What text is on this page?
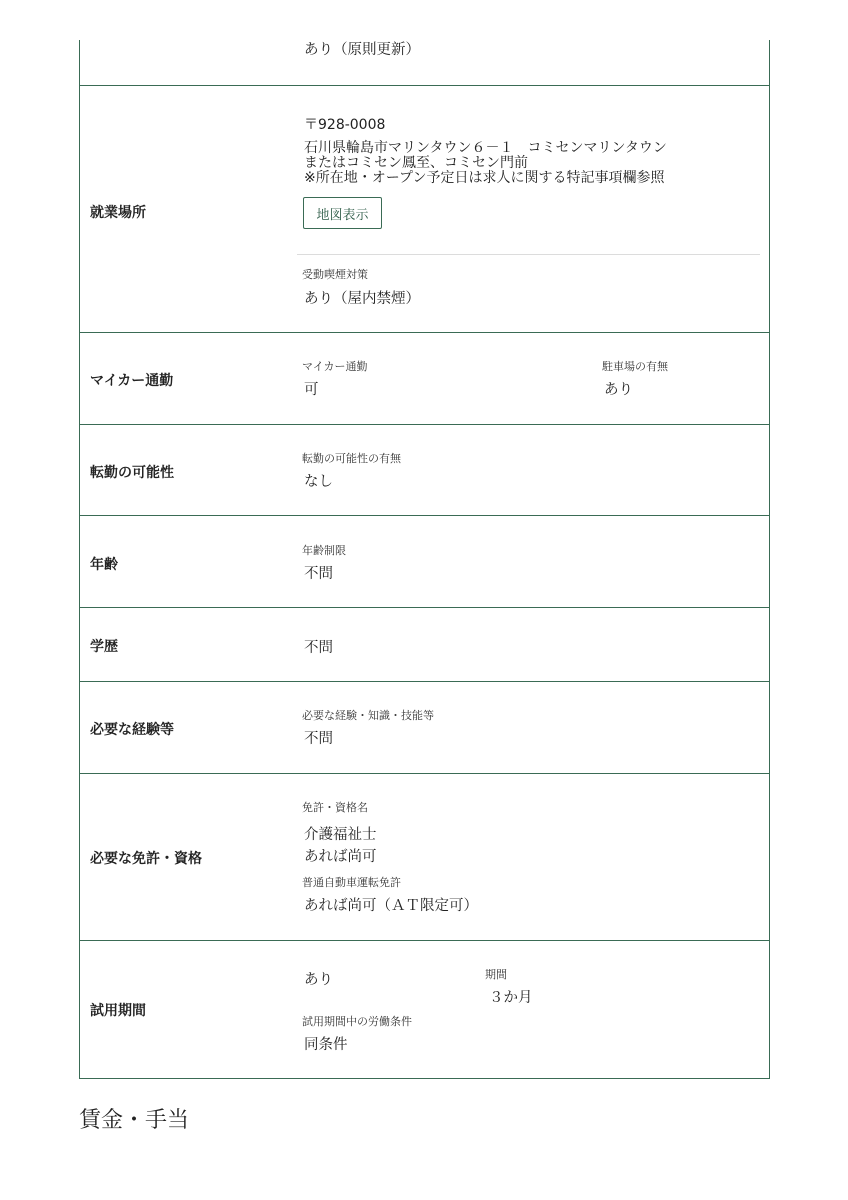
あり（原則更新）
就業場所
〒928-0008
石川県輪島市マリンタウン６－１　コミセンマリンタウン
またはコミセン鳳至、コミセン門前
※所在地・オープン予定日は求人に関する特記事項欄参照
地図表示
受動喫煙対策
あり（屋内禁煙）
マイカー通勤
マイカー通勤
可
駐車場の有無
あり
転勤の可能性
転勤の可能性の有無
なし
年齢
年齢制限
不問
学歴	不問
必要な経験等
必要な経験・知識・技能等
不問
必要な免許・資格
免許・資格名
介護福祉士
あれば尚可
普通自動車運転免許
あれば尚可（ＡＴ限定可）
試用期間
あり	期間
３か月
試用期間中の労働条件
同条件
賃金・手当
